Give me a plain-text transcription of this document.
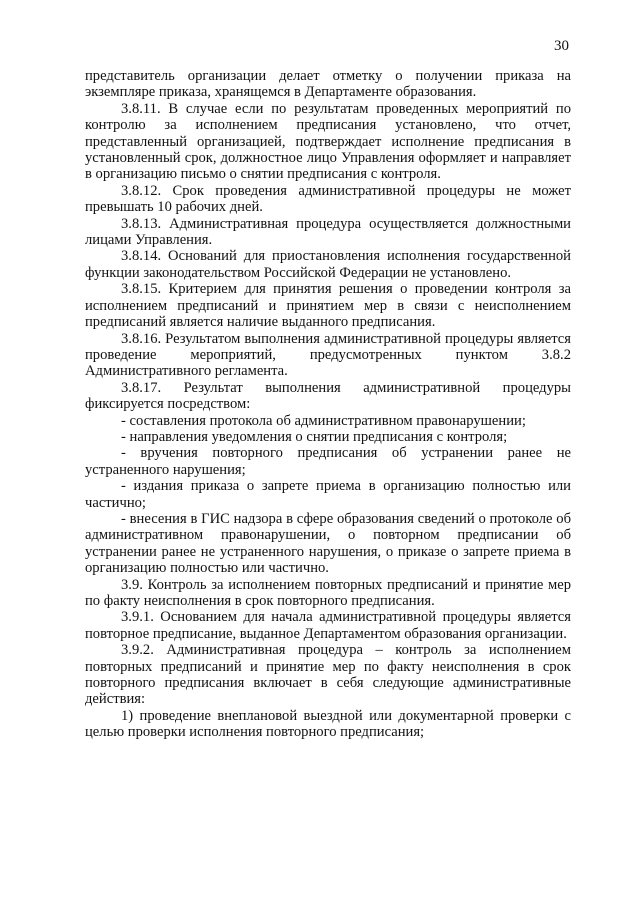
30

представитель организации делает отметку о получении приказа на экземпляре приказа, хранящемся в Департаменте образования.

3.8.11. В случае если по результатам проведенных мероприятий по контролю за исполнением предписания установлено, что отчет, представленный организацией, подтверждает исполнение предписания в установленный срок, должностное лицо Управления оформляет и направляет в организацию письмо о снятии предписания с контроля.

3.8.12. Срок проведения административной процедуры не может превышать 10 рабочих дней.

3.8.13. Административная процедура осуществляется должностными лицами Управления.

3.8.14. Оснований для приостановления исполнения государственной функции законодательством Российской Федерации не установлено.

3.8.15. Критерием для принятия решения о проведении контроля за исполнением предписаний и принятием мер в связи с неисполнением предписаний является наличие выданного предписания.

3.8.16. Результатом выполнения административной процедуры является проведение мероприятий, предусмотренных пунктом 3.8.2 Административного регламента.

3.8.17. Результат выполнения административной процедуры фиксируется посредством:

- составления протокола об административном правонарушении;

- направления уведомления о снятии предписания с контроля;

- вручения повторного предписания об устранении ранее не устраненного нарушения;

- издания приказа о запрете приема в организацию полностью или частично;

- внесения в ГИС надзора в сфере образования сведений о протоколе об административном правонарушении, о повторном предписании об устранении ранее не устраненного нарушения, о приказе о запрете приема в организацию полностью или частично.

3.9. Контроль за исполнением повторных предписаний и принятие мер по факту неисполнения в срок повторного предписания.

3.9.1. Основанием для начала административной процедуры является повторное предписание, выданное Департаментом образования организации.

3.9.2. Административная процедура – контроль за исполнением повторных предписаний и принятие мер по факту неисполнения в срок повторного предписания включает в себя следующие административные действия:

1) проведение внеплановой выездной или документарной проверки с целью проверки исполнения повторного предписания;
